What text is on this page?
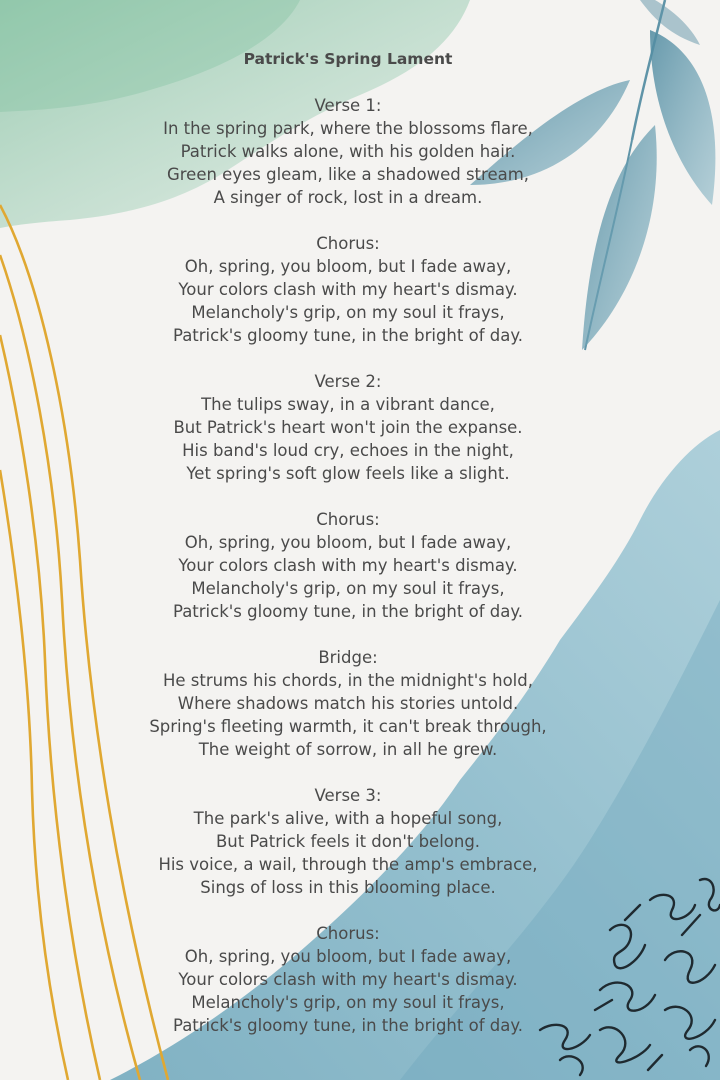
Patrick's Spring Lament
Verse 1:
In the spring park, where the blossoms flare,
Patrick walks alone, with his golden hair.
Green eyes gleam, like a shadowed stream,
A singer of rock, lost in a dream.
Chorus:
Oh, spring, you bloom, but I fade away,
Your colors clash with my heart's dismay.
Melancholy's grip, on my soul it frays,
Patrick's gloomy tune, in the bright of day.
Verse 2:
The tulips sway, in a vibrant dance,
But Patrick's heart won't join the expanse.
His band's loud cry, echoes in the night,
Yet spring's soft glow feels like a slight.
Chorus:
Oh, spring, you bloom, but I fade away,
Your colors clash with my heart's dismay.
Melancholy's grip, on my soul it frays,
Patrick's gloomy tune, in the bright of day.
Bridge:
He strums his chords, in the midnight's hold,
Where shadows match his stories untold.
Spring's fleeting warmth, it can't break through,
The weight of sorrow, in all he grew.
Verse 3:
The park's alive, with a hopeful song,
But Patrick feels it don't belong.
His voice, a wail, through the amp's embrace,
Sings of loss in this blooming place.
Chorus:
Oh, spring, you bloom, but I fade away,
Your colors clash with my heart's dismay.
Melancholy's grip, on my soul it frays,
Patrick's gloomy tune, in the bright of day.
